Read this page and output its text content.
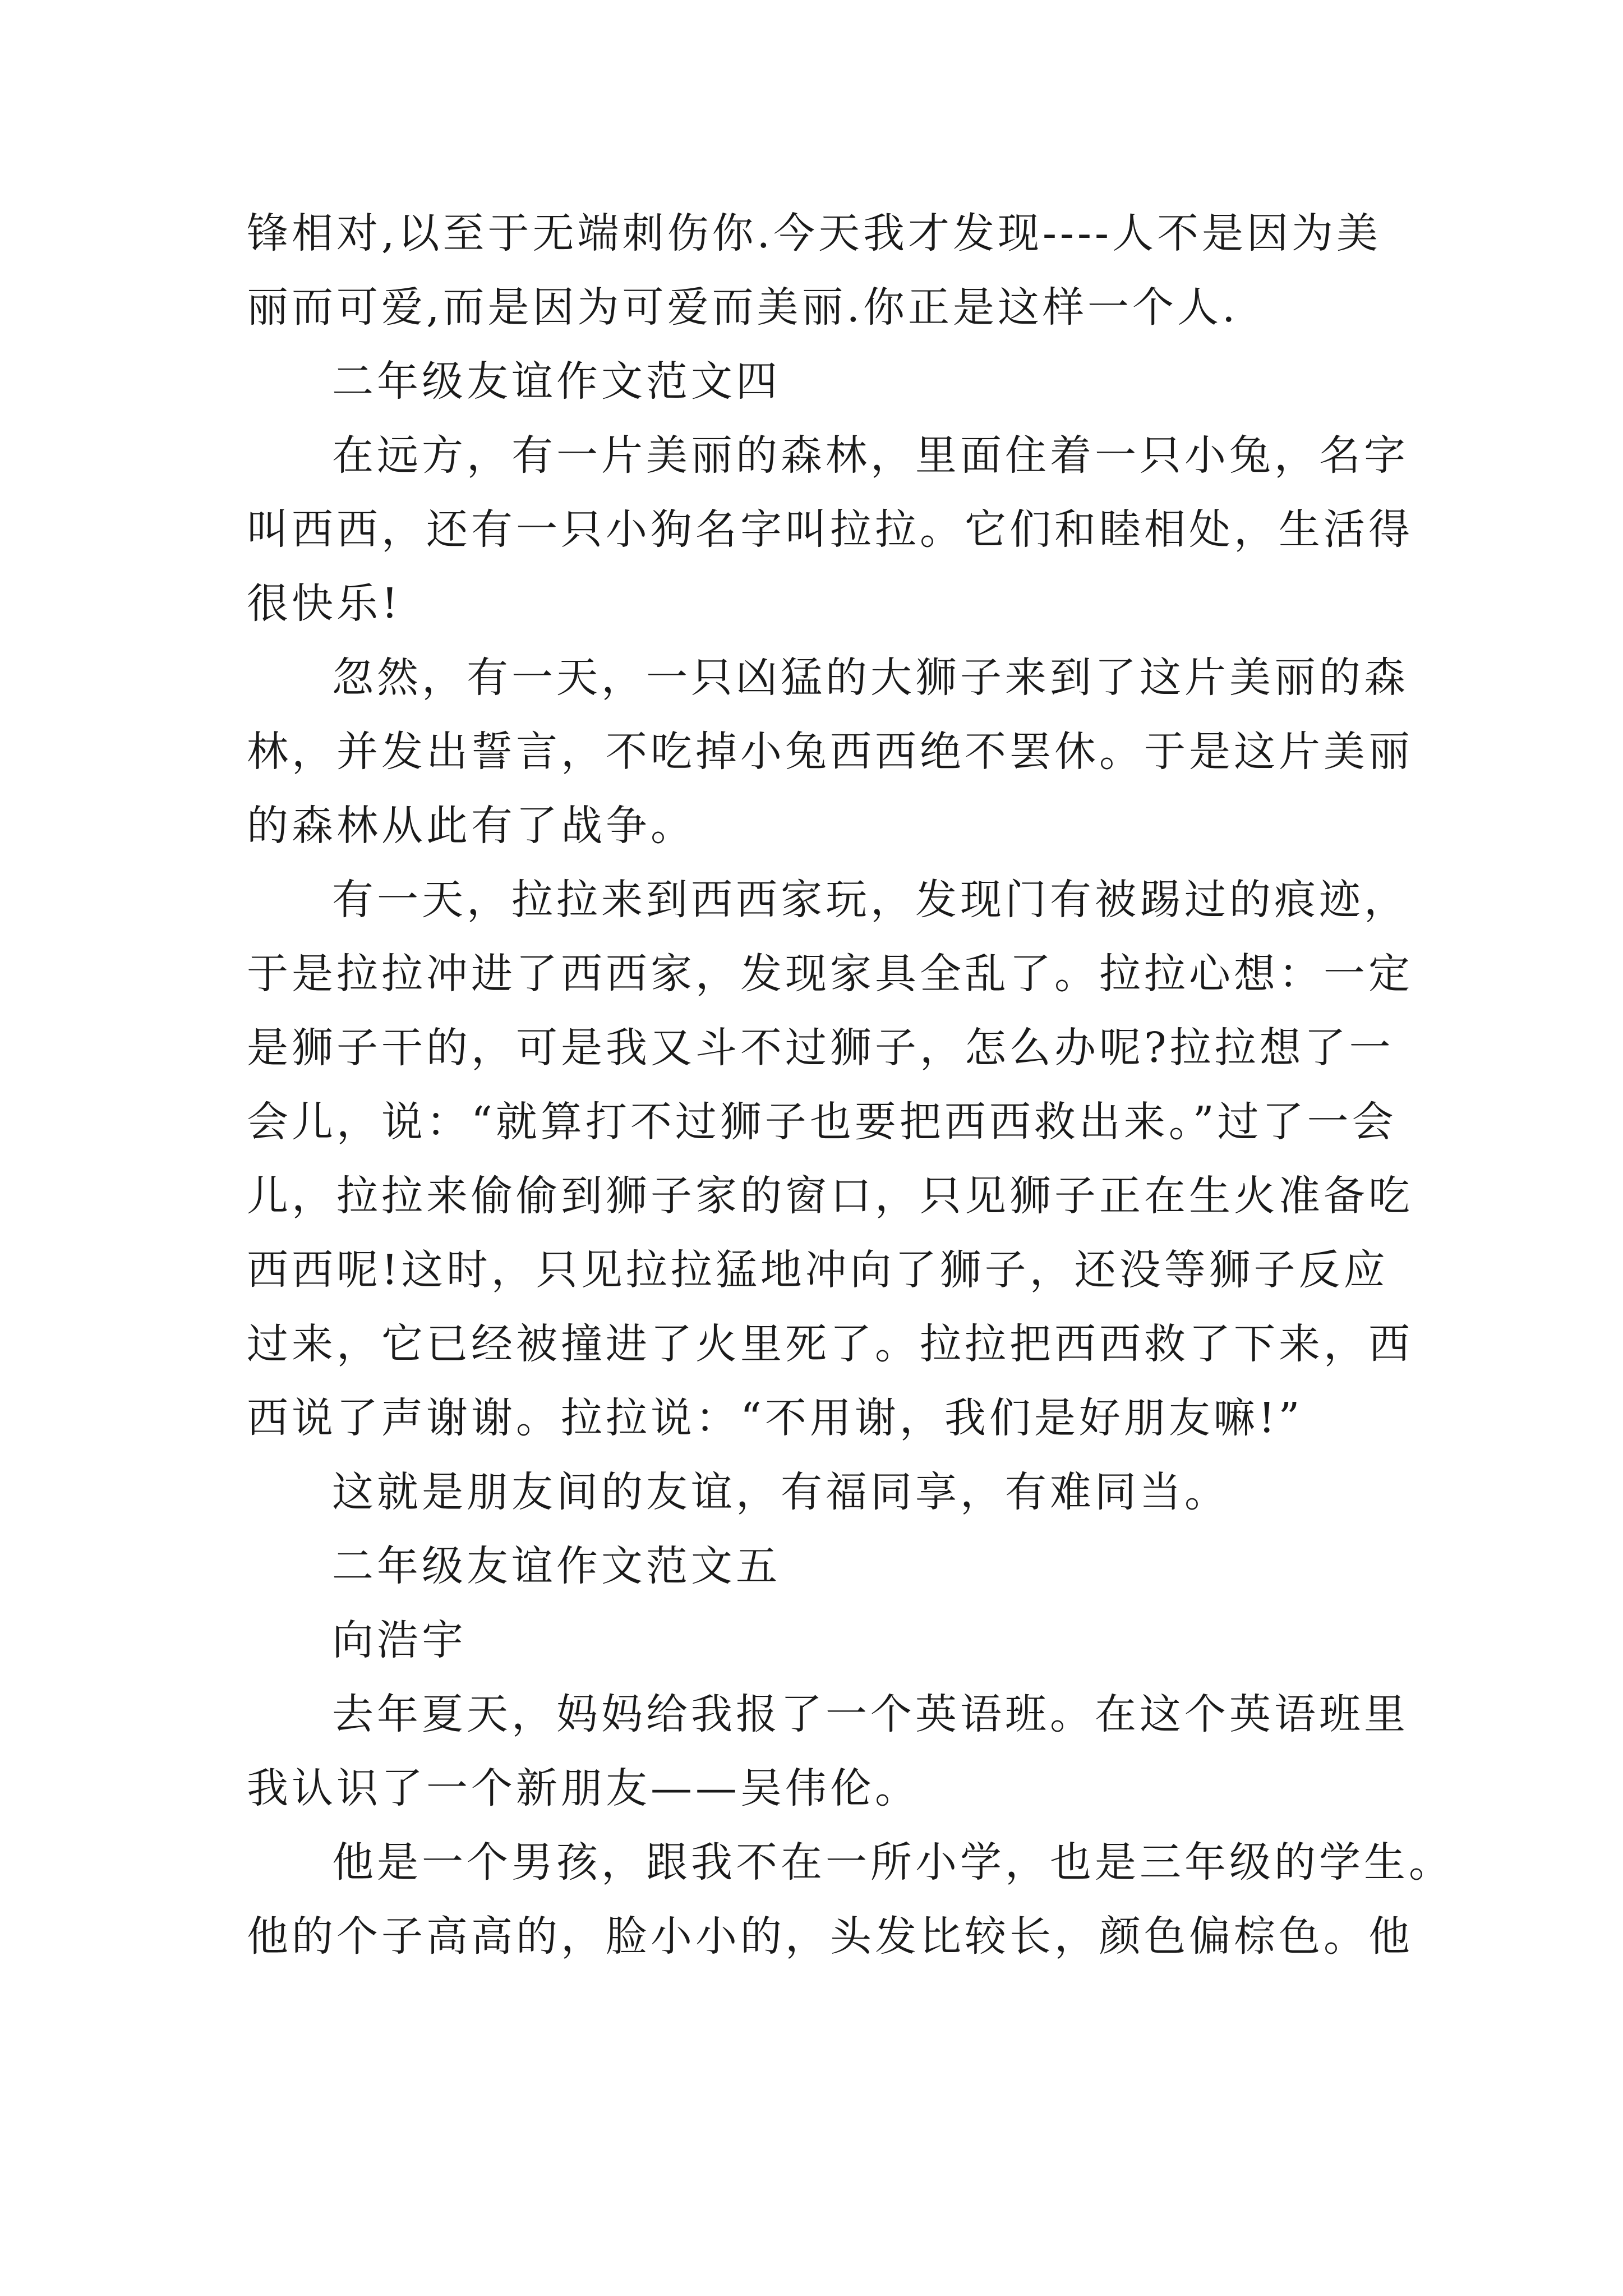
锋相对,以至于无端刺伤你.今天我才发现----人不是因为美
丽而可爱,而是因为可爱而美丽.你正是这样一个人.
二年级友谊作文范文四
在远方，有一片美丽的森林，里面住着一只小兔，名字
叫西西，还有一只小狗名字叫拉拉。它们和睦相处，生活得
很快乐!
忽然，有一天，一只凶猛的大狮子来到了这片美丽的森
林，并发出誓言，不吃掉小兔西西绝不罢休。于是这片美丽
的森林从此有了战争。
有一天，拉拉来到西西家玩，发现门有被踢过的痕迹，
于是拉拉冲进了西西家，发现家具全乱了。拉拉心想：一定
是狮子干的，可是我又斗不过狮子，怎么办呢?拉拉想了一
会儿，说：“就算打不过狮子也要把西西救出来。”过了一会
儿，拉拉来偷偷到狮子家的窗口，只见狮子正在生火准备吃
西西呢!这时，只见拉拉猛地冲向了狮子，还没等狮子反应
过来，它已经被撞进了火里死了。拉拉把西西救了下来，西
西说了声谢谢。拉拉说：“不用谢，我们是好朋友嘛!”
这就是朋友间的友谊，有福同享，有难同当。
二年级友谊作文范文五
向浩宇
去年夏天，妈妈给我报了一个英语班。在这个英语班里
我认识了一个新朋友——吴伟伦。
他是一个男孩，跟我不在一所小学，也是三年级的学生。
他的个子高高的，脸小小的，头发比较长，颜色偏棕色。他
